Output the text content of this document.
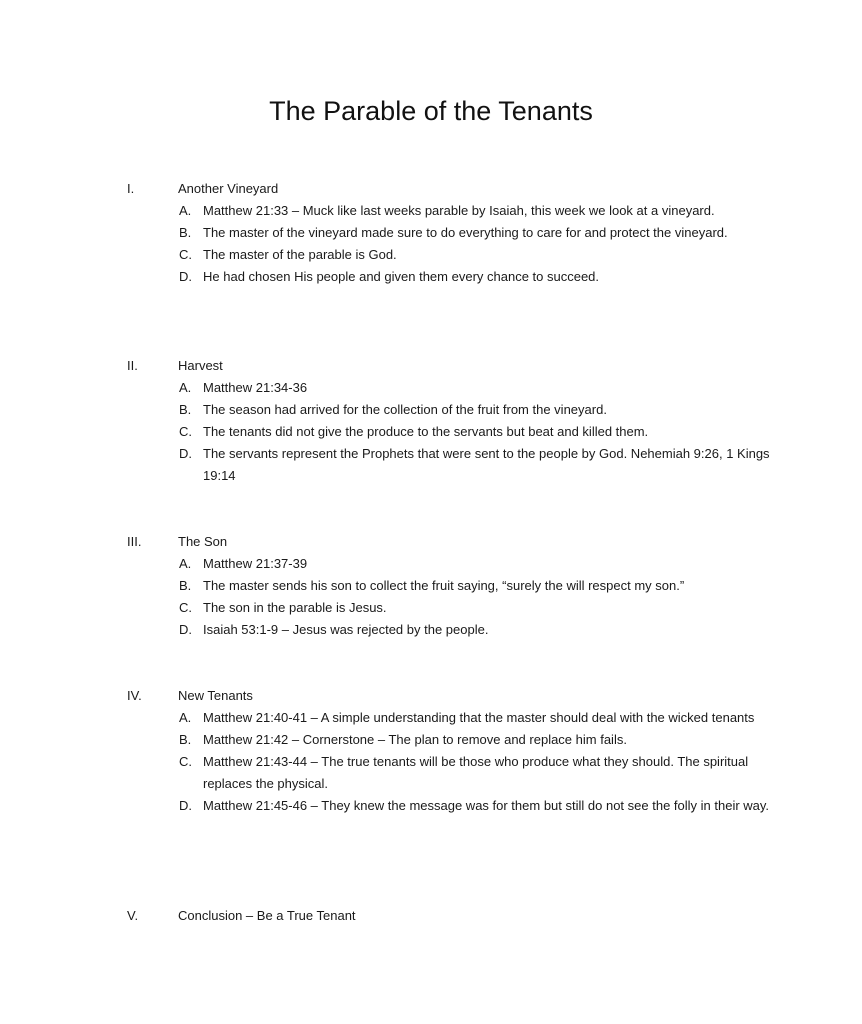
The Parable of the Tenants
I.	Another Vineyard
A. Matthew 21:33 – Muck like last weeks parable by Isaiah, this week we look at a vineyard.
B. The master of the vineyard made sure to do everything to care for and protect the vineyard.
C. The master of the parable is God.
D. He had chosen His people and given them every chance to succeed.
II.	Harvest
A. Matthew 21:34-36
B. The season had arrived for the collection of the fruit from the vineyard.
C. The tenants did not give the produce to the servants but beat and killed them.
D. The servants represent the Prophets that were sent to the people by God. Nehemiah 9:26, 1 Kings 19:14
III.	The Son
A. Matthew 21:37-39
B. The master sends his son to collect the fruit saying, “surely the will respect my son.”
C. The son in the parable is Jesus.
D. Isaiah 53:1-9 – Jesus was rejected by the people.
IV.	New Tenants
A. Matthew 21:40-41 – A simple understanding that the master should deal with the wicked tenants
B. Matthew 21:42 – Cornerstone – The plan to remove and replace him fails.
C. Matthew 21:43-44 – The true tenants will be those who produce what they should. The spiritual replaces the physical.
D. Matthew 21:45-46 – They knew the message was for them but still do not see the folly in their way.
V.	Conclusion – Be a True Tenant
